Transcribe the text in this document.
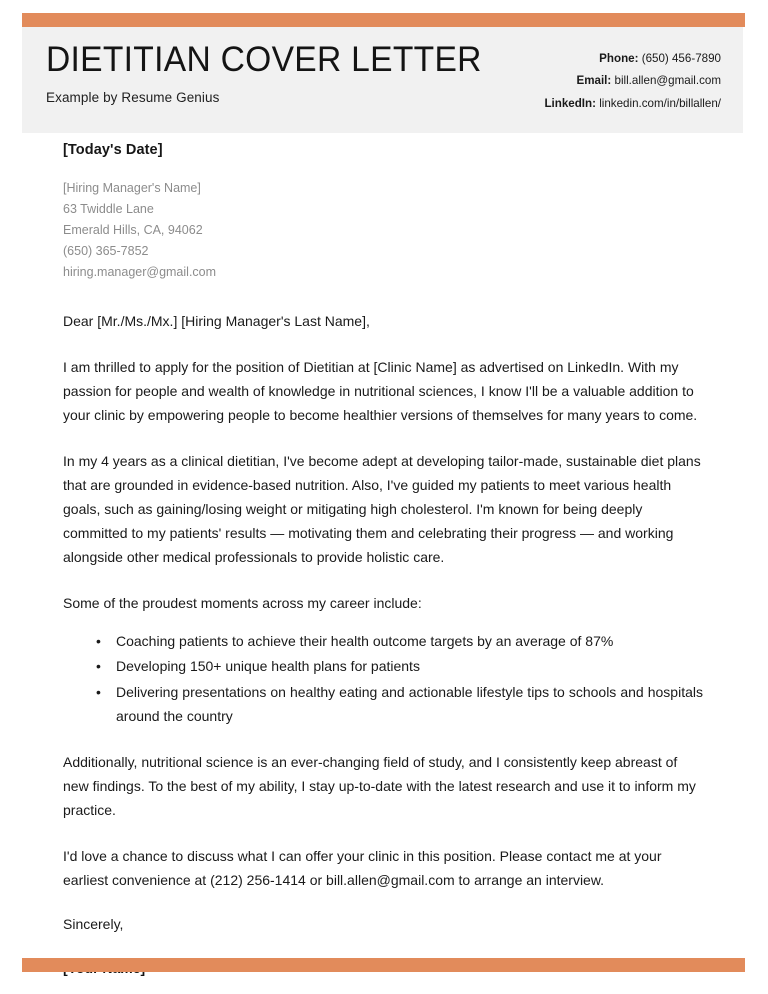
DIETITIAN COVER LETTER
Example by Resume Genius
Phone: (650) 456-7890
Email: bill.allen@gmail.com
LinkedIn: linkedin.com/in/billallen/
[Today's Date]
[Hiring Manager's Name]
63 Twiddle Lane
Emerald Hills, CA, 94062
(650) 365-7852
hiring.manager@gmail.com
Dear [Mr./Ms./Mx.] [Hiring Manager's Last Name],

I am thrilled to apply for the position of Dietitian at [Clinic Name] as advertised on LinkedIn. With my passion for people and wealth of knowledge in nutritional sciences, I know I'll be a valuable addition to your clinic by empowering people to become healthier versions of themselves for many years to come.

In my 4 years as a clinical dietitian, I've become adept at developing tailor-made, sustainable diet plans that are grounded in evidence-based nutrition. Also, I've guided my patients to meet various health goals, such as gaining/losing weight or mitigating high cholesterol. I'm known for being deeply committed to my patients' results — motivating them and celebrating their progress — and working alongside other medical professionals to provide holistic care.

Some of the proudest moments across my career include:

• Coaching patients to achieve their health outcome targets by an average of 87%
• Developing 150+ unique health plans for patients
• Delivering presentations on healthy eating and actionable lifestyle tips to schools and hospitals around the country

Additionally, nutritional science is an ever-changing field of study, and I consistently keep abreast of new findings. To the best of my ability, I stay up-to-date with the latest research and use it to inform my practice.

I'd love a chance to discuss what I can offer your clinic in this position. Please contact me at your earliest convenience at (212) 256-1414 or bill.allen@gmail.com to arrange an interview.

Sincerely,
